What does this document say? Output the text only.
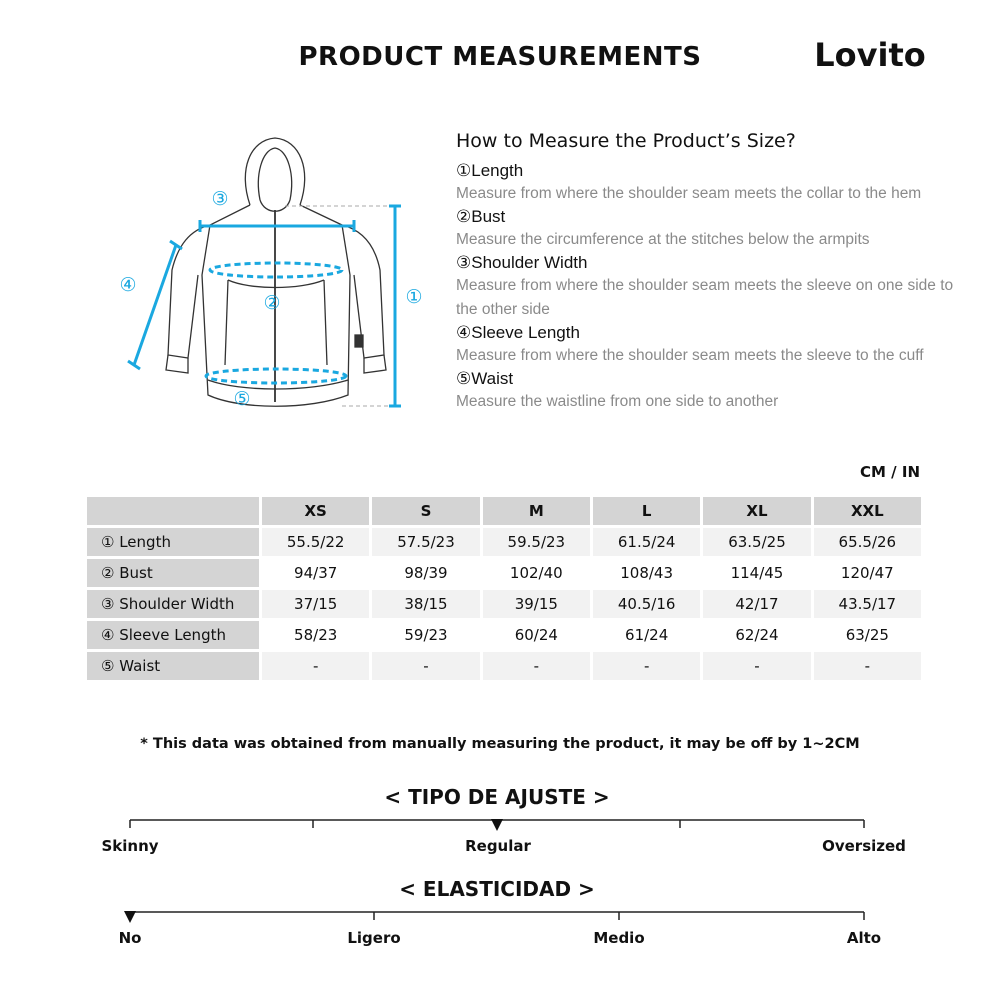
PRODUCT MEASUREMENTS	Lovito
①
②
③
④
⑤
How to Measure the Product’s Size?
①Length
Measure from where the shoulder seam meets the collar to the hem
②Bust
Measure the circumference at the stitches below the armpits
③Shoulder Width
Measure from where the shoulder seam meets the sleeve on one side to the other side
④Sleeve Length
Measure from where the shoulder seam meets the sleeve to the cuff
⑤Waist
Measure the waistline from one side to another
CM / IN
	XS	S	M	L	XL	XXL
① Length	55.5/22	57.5/23	59.5/23	61.5/24	63.5/25	65.5/26
② Bust	94/37	98/39	102/40	108/43	114/45	120/47
③ Shoulder Width	37/15	38/15	39/15	40.5/16	42/17	43.5/17
④ Sleeve Length	58/23	59/23	60/24	61/24	62/24	63/25
⑤ Waist	-	-	-	-	-	-
* This data was obtained from manually measuring the product, it may be off by 1~2CM
< TIPO DE AJUSTE >
Skinny	Regular	Oversized
< ELASTICIDAD >
No	Ligero	Medio	Alto
